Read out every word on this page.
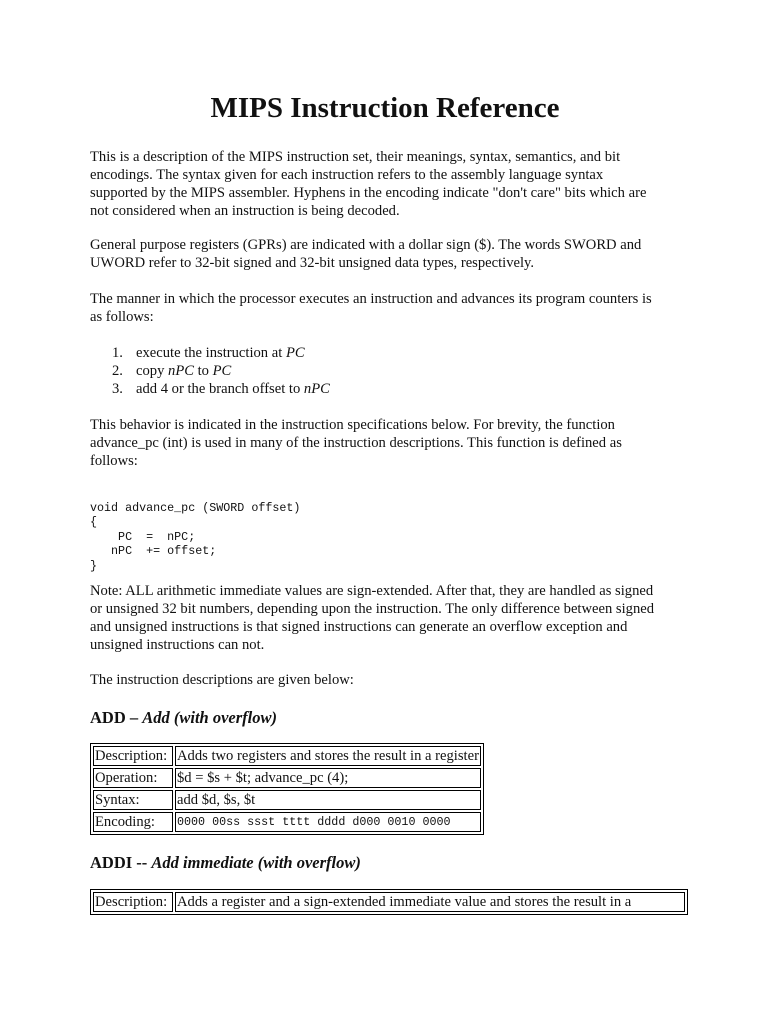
MIPS Instruction Reference

This is a description of the MIPS instruction set, their meanings, syntax, semantics, and bit
encodings. The syntax given for each instruction refers to the assembly language syntax
supported by the MIPS assembler. Hyphens in the encoding indicate "don't care" bits which are
not considered when an instruction is being decoded.

General purpose registers (GPRs) are indicated with a dollar sign ($). The words SWORD and
UWORD refer to 32-bit signed and 32-bit unsigned data types, respectively.

The manner in which the processor executes an instruction and advances its program counters is
as follows:

1. execute the instruction at PC
2. copy nPC to PC
3. add 4 or the branch offset to nPC

This behavior is indicated in the instruction specifications below. For brevity, the function
advance_pc (int) is used in many of the instruction descriptions. This function is defined as
follows:

void advance_pc (SWORD offset)
{
PC  =  nPC;
nPC  += offset;
}

Note: ALL arithmetic immediate values are sign-extended. After that, they are handled as signed
or unsigned 32 bit numbers, depending upon the instruction. The only difference between signed
and unsigned instructions is that signed instructions can generate an overflow exception and
unsigned instructions can not.

The instruction descriptions are given below:

ADD – Add (with overflow)
Description:	Adds two registers and stores the result in a register
Operation:	$d = $s + $t; advance_pc (4);
Syntax:	add $d, $s, $t
Encoding:	0000 00ss ssst tttt dddd d000 0010 0000
ADDI -- Add immediate (with overflow)
Description:	Adds a register and a sign-extended immediate value and stores the result in a
